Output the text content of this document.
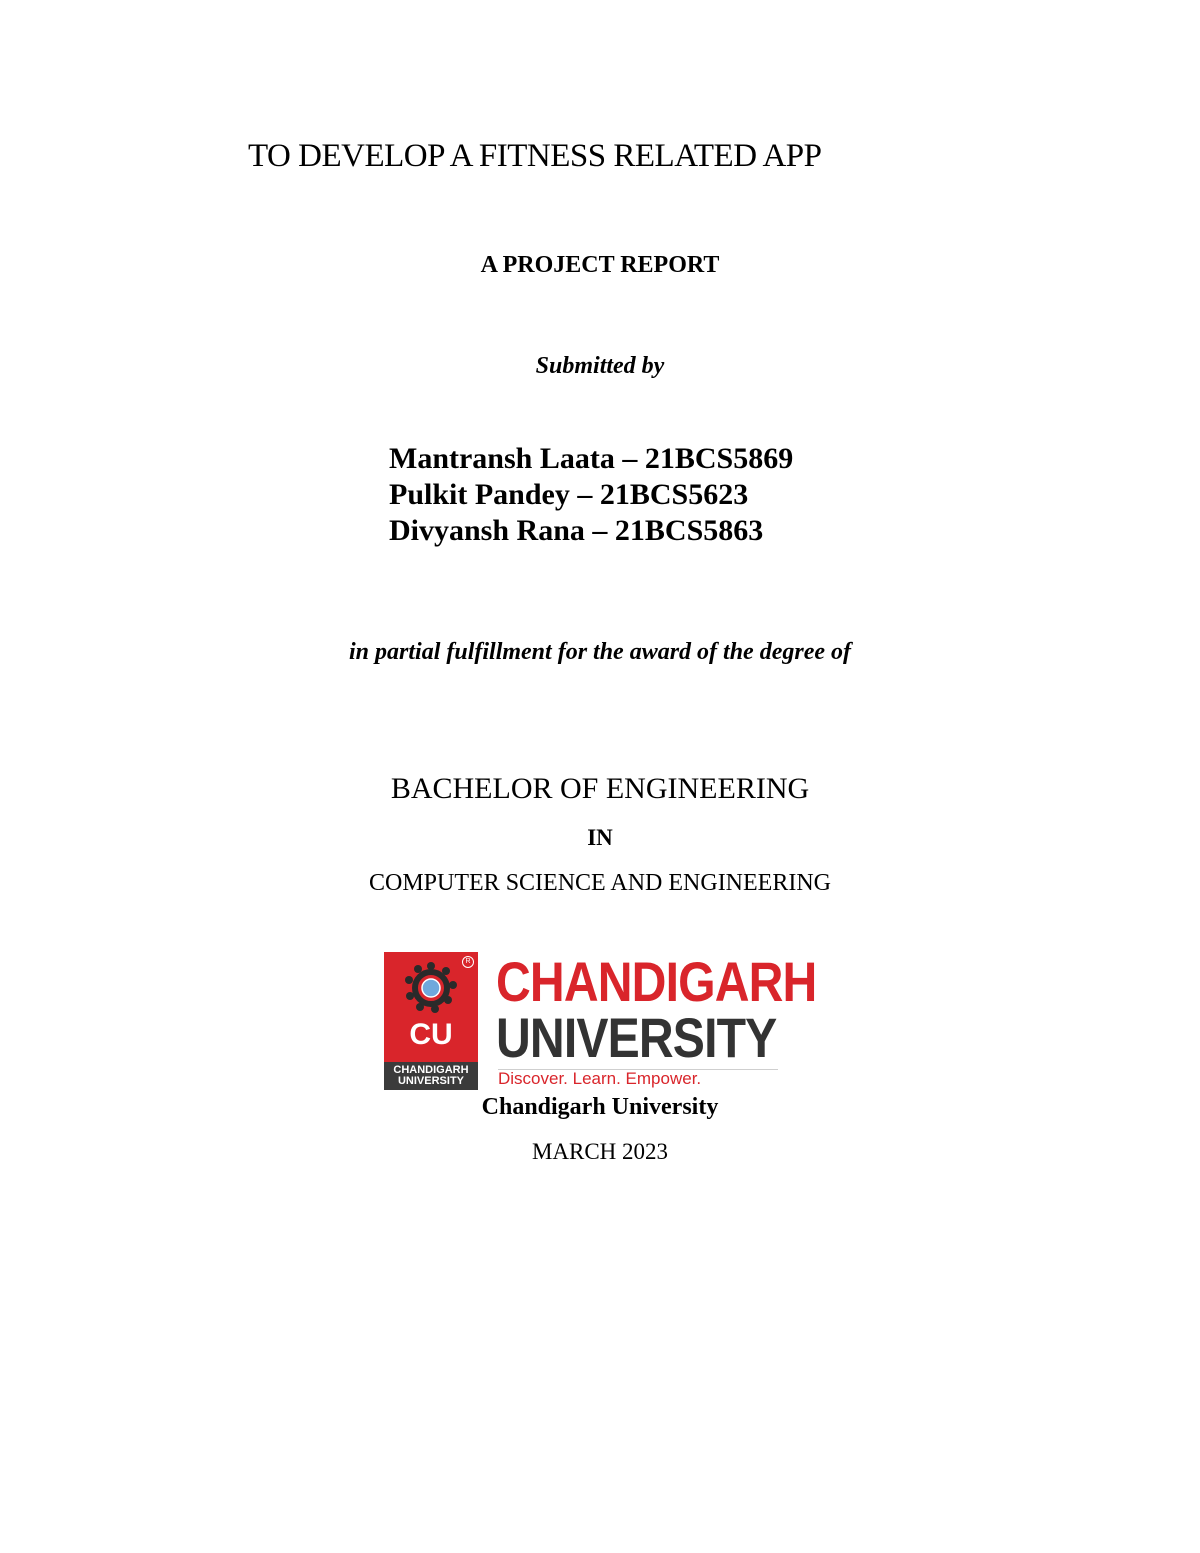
TO DEVELOP A FITNESS RELATED APP
A PROJECT REPORT
Submitted by
Mantransh Laata – 21BCS5869
Pulkit Pandey – 21BCS5623
Divyansh Rana – 21BCS5863
in partial fulfillment for the award of the degree of
BACHELOR OF ENGINEERING
IN
COMPUTER SCIENCE AND ENGINEERING
R
CU
CHANDIGARH UNIVERSITY
CHANDIGARH
UNIVERSITY
Discover. Learn. Empower.
Chandigarh University
MARCH 2023
